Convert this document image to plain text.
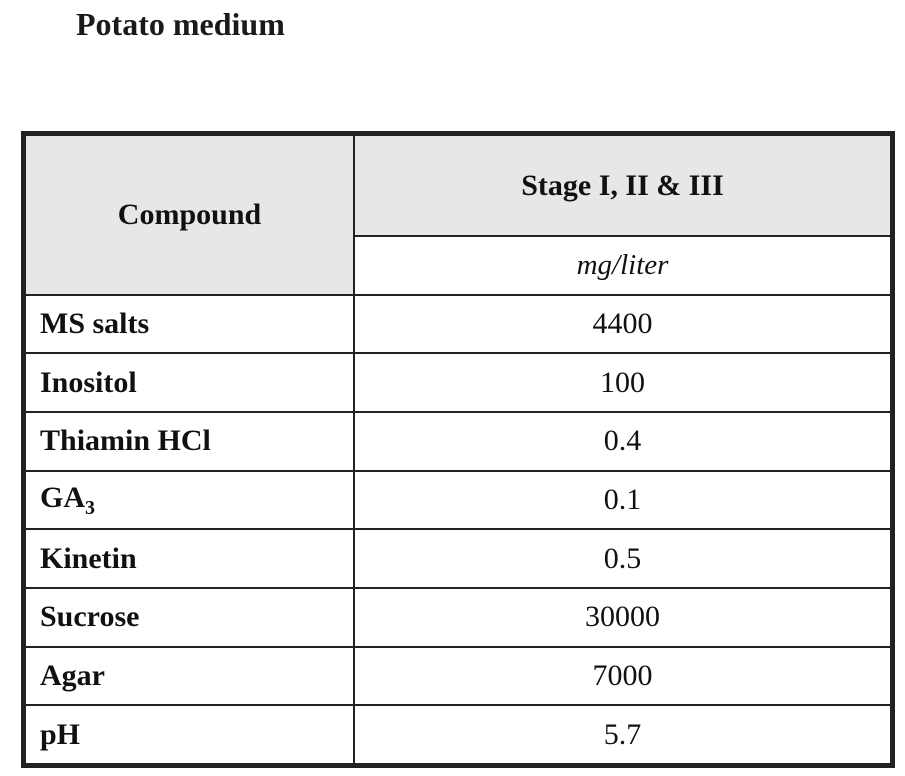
Potato medium
Compound	Stage I, II & III
	mg/liter
MS salts	4400
Inositol	100
Thiamin HCl	0.4
$GA_3$	0.1
Kinetin	0.5
Sucrose	30000
Agar	7000
pH	5.7
